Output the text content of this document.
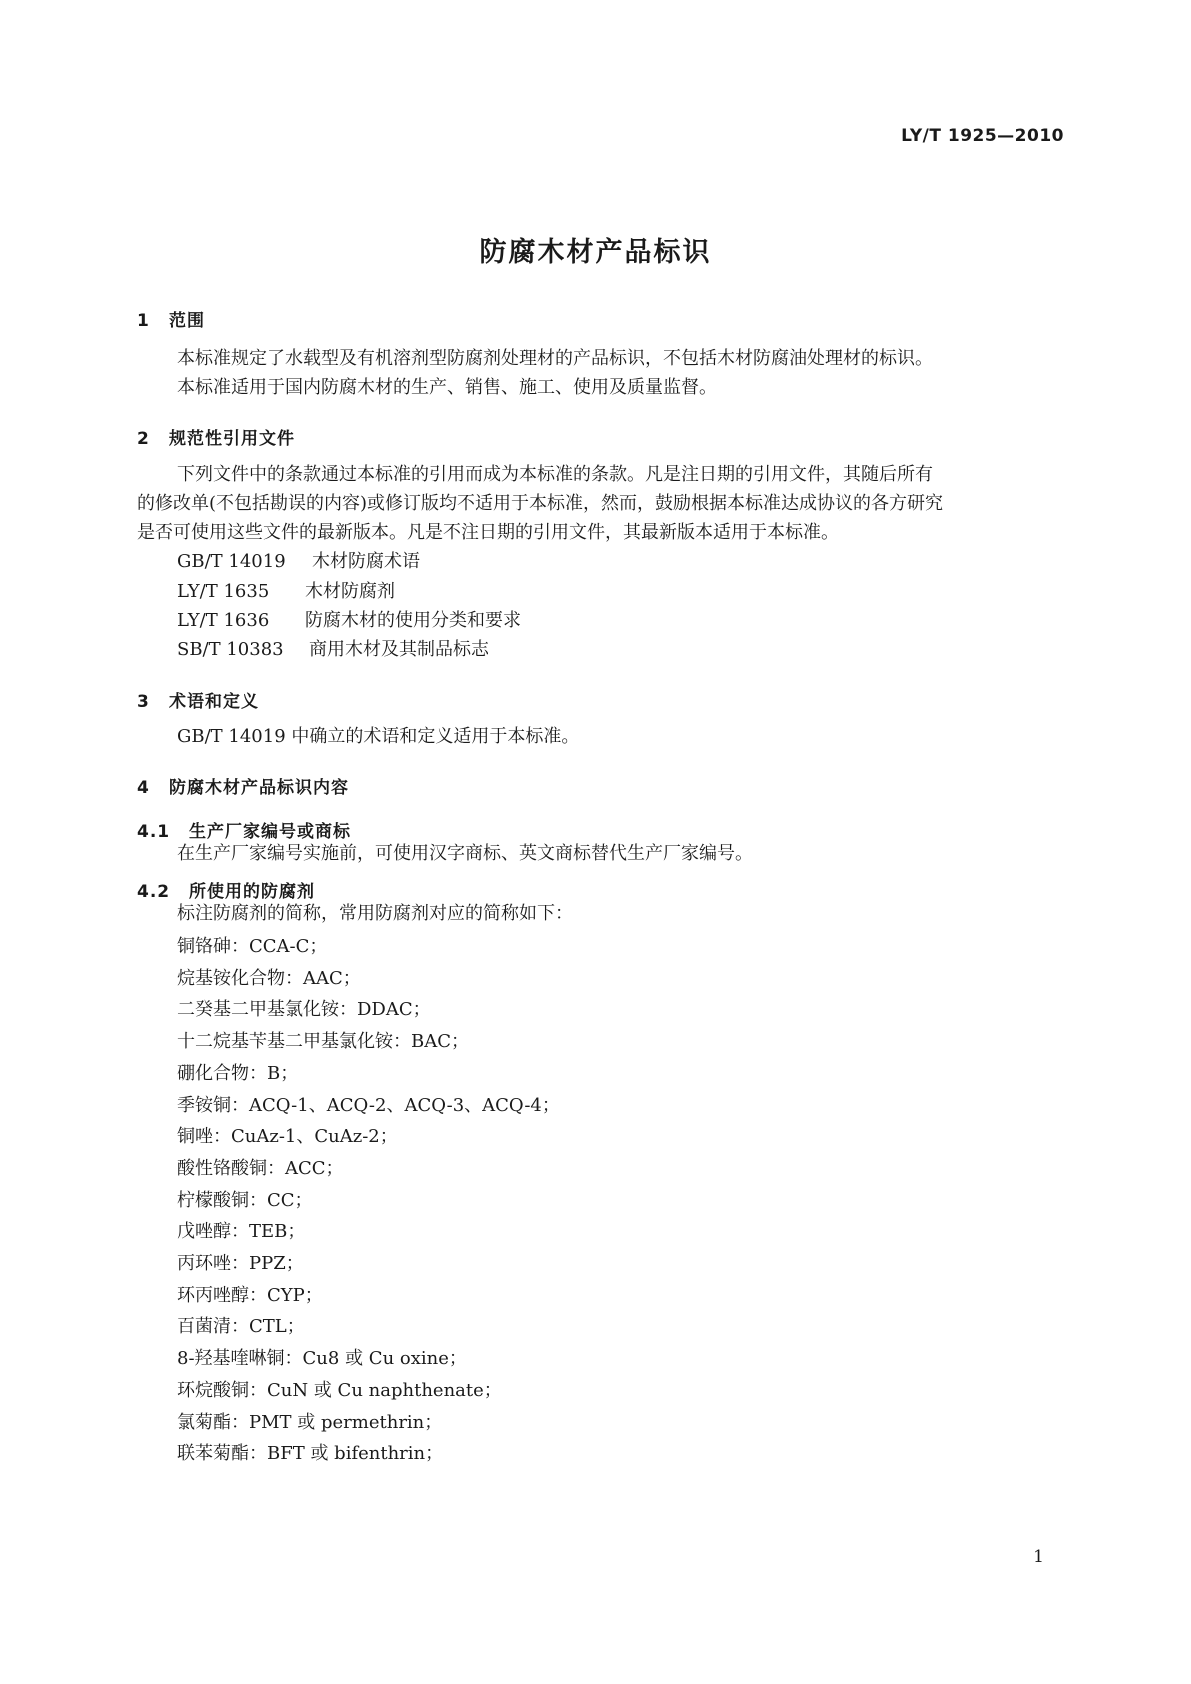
LY/T 1925—2010
防腐木材产品标识
1 范围
本标准规定了水载型及有机溶剂型防腐剂处理材的产品标识，不包括木材防腐油处理材的标识。
本标准适用于国内防腐木材的生产、销售、施工、使用及质量监督。
2 规范性引用文件
下列文件中的条款通过本标准的引用而成为本标准的条款。凡是注日期的引用文件，其随后所有
的修改单(不包括勘误的内容)或修订版均不适用于本标准，然而，鼓励根据本标准达成协议的各方研究
是否可使用这些文件的最新版本。凡是不注日期的引用文件，其最新版本适用于本标准。
GB/T 14019 木材防腐术语
LY/T 1635 木材防腐剂
LY/T 1636 防腐木材的使用分类和要求
SB/T 10383 商用木材及其制品标志
3 术语和定义
GB/T 14019 中确立的术语和定义适用于本标准。
4 防腐木材产品标识内容
4.1 生产厂家编号或商标
在生产厂家编号实施前，可使用汉字商标、英文商标替代生产厂家编号。
4.2 所使用的防腐剂
标注防腐剂的简称，常用防腐剂对应的简称如下：
铜铬砷：CCA-C；
烷基铵化合物：AAC；
二癸基二甲基氯化铵：DDAC；
十二烷基苄基二甲基氯化铵：BAC；
硼化合物：B；
季铵铜：ACQ-1、ACQ-2、ACQ-3、ACQ-4；
铜唑：CuAz-1、CuAz-2；
酸性铬酸铜：ACC；
柠檬酸铜：CC；
戊唑醇：TEB；
丙环唑：PPZ；
环丙唑醇：CYP；
百菌清：CTL；
8-羟基喹啉铜：Cu8 或 Cu oxine；
环烷酸铜：CuN 或 Cu naphthenate；
氯菊酯：PMT 或 permethrin；
联苯菊酯：BFT 或 bifenthrin；
1
